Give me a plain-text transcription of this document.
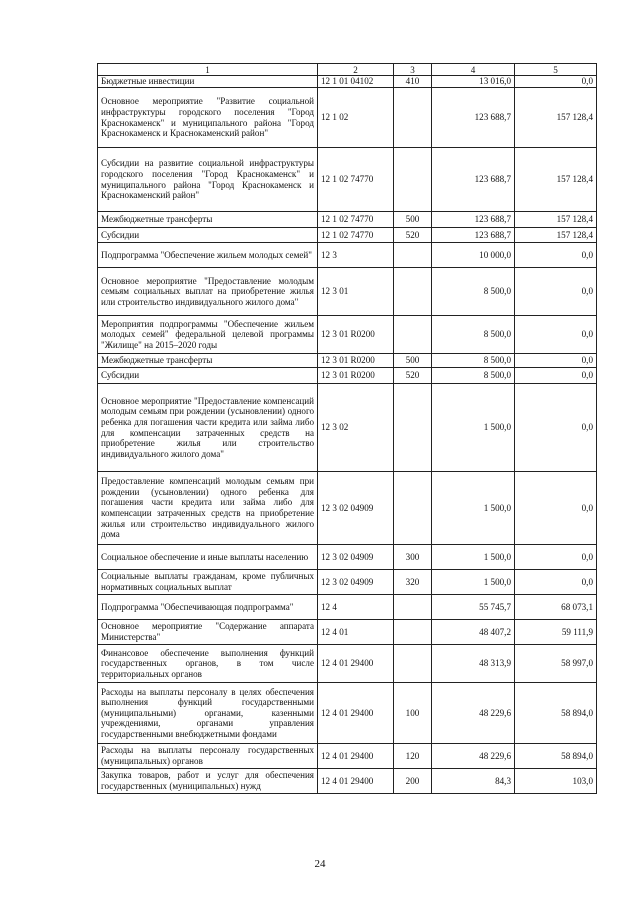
1	2	3	4	5
Бюджетные инвестиции	12 1 01 04102	410	13 016,0	0,0
Основное мероприятие "Развитие социальной инфраструктуры городского поселения "Город Краснокаменск" и муниципального района "Город Краснокаменск и Краснокаменский район"	12 1 02		123 688,7	157 128,4
Субсидии на развитие социальной инфраструктуры городского поселения "Город Краснокаменск" и муниципального района "Город Краснокаменск и Краснокаменский район"	12 1 02 74770		123 688,7	157 128,4
Межбюджетные трансферты	12 1 02 74770	500	123 688,7	157 128,4
Субсидии	12 1 02 74770	520	123 688,7	157 128,4
Подпрограмма "Обеспечение жильем молодых семей"	12 3		10 000,0	0,0
Основное мероприятие "Предоставление молодым семьям социальных выплат на приобретение жилья или строительство индивидуального жилого дома"	12 3 01		8 500,0	0,0
Мероприятия подпрограммы "Обеспечение жильем молодых семей" федеральной целевой программы "Жилище" на 2015–2020 годы	12 3 01 R0200		8 500,0	0,0
Межбюджетные трансферты	12 3 01 R0200	500	8 500,0	0,0
Субсидии	12 3 01 R0200	520	8 500,0	0,0
Основное мероприятие "Предоставление компенсаций молодым семьям при рождении (усыновлении) одного ребенка для погашения части кредита или займа либо для компенсации затраченных средств на приобретение жилья или строительство индивидуального жилого дома"	12 3 02		1 500,0	0,0
Предоставление компенсаций молодым семьям при рождении (усыновлении) одного ребенка для погашения части кредита или займа либо для компенсации затраченных средств на приобретение жилья или строительство индивидуального жилого дома	12 3 02 04909		1 500,0	0,0
Социальное обеспечение и иные выплаты населению	12 3 02 04909	300	1 500,0	0,0
Социальные выплаты гражданам, кроме публичных нормативных социальных выплат	12 3 02 04909	320	1 500,0	0,0
Подпрограмма "Обеспечивающая подпрограмма"	12 4		55 745,7	68 073,1
Основное мероприятие "Содержание аппарата Министерства"	12 4 01		48 407,2	59 111,9
Финансовое обеспечение выполнения функций государственных органов, в том числе территориальных органов	12 4 01 29400		48 313,9	58 997,0
Расходы на выплаты персоналу в целях обеспечения выполнения функций государственными (муниципальными) органами, казенными учреждениями, органами управления государственными внебюджетными фондами	12 4 01 29400	100	48 229,6	58 894,0
Расходы на выплаты персоналу государственных (муниципальных) органов	12 4 01 29400	120	48 229,6	58 894,0
Закупка товаров, работ и услуг для обеспечения государственных (муниципальных) нужд	12 4 01 29400	200	84,3	103,0
24
